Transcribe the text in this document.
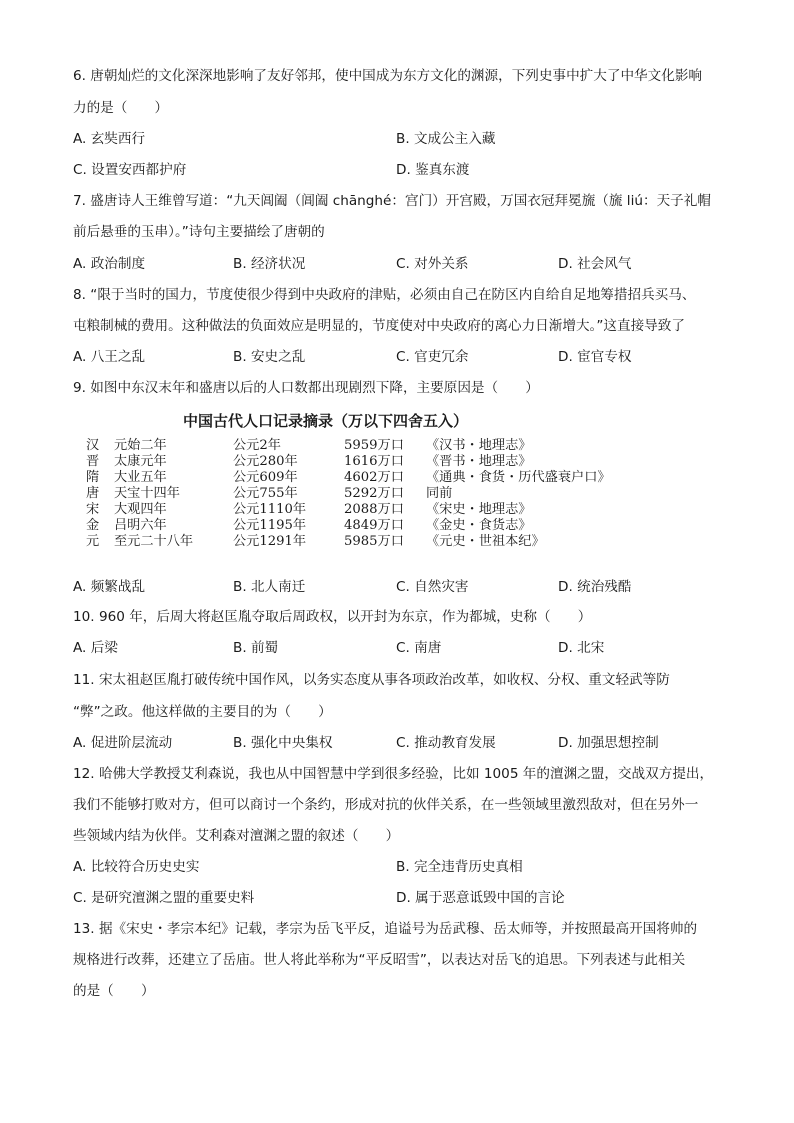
6. 唐朝灿烂的文化深深地影响了友好邻邦，使中国成为东方文化的渊源，下列史事中扩大了中华文化影响
力的是（　　）
A. 玄奘西行	B. 文成公主入藏
C. 设置安西都护府	D. 鉴真东渡
7. 盛唐诗人王维曾写道：“九天阊阖（阊阖 chānghé：宫门）开宫殿，万国衣冠拜冕旒（旒 liú：天子礼帽
前后悬垂的玉串）。”诗句主要描绘了唐朝的
A. 政治制度	B. 经济状况	C. 对外关系	D. 社会风气
8. “限于当时的国力，节度使很少得到中央政府的津贴，必须由自己在防区内自给自足地筹措招兵买马、
屯粮制械的费用。这种做法的负面效应是明显的，节度使对中央政府的离心力日渐增大。”这直接导致了
A. 八王之乱	B. 安史之乱	C. 官吏冗余	D. 宦官专权
9. 如图中东汉末年和盛唐以后的人口数都出现剧烈下降，主要原因是（　　）
中国古代人口记录摘录（万以下四舍五入）
汉 元始二年	公元2年	5959万口 《汉书・地理志》
晋 太康元年	公元280年	1616万口 《晋书・地理志》
隋 大业五年	公元609年	4602万口 《通典・食货・历代盛衰户口》
唐 天宝十四年	公元755年	5292万口 同前
宋 大观四年	公元1110年	2088万口 《宋史・地理志》
金 吕明六年	公元1195年	4849万口 《金史・食货志》
元 至元二十八年	公元1291年	5985万口 《元史・世祖本纪》
A. 频繁战乱	B. 北人南迁	C. 自然灾害	D. 统治残酷
10. 960 年，后周大将赵匡胤夺取后周政权，以开封为东京，作为都城，史称（　　）
A. 后梁	B. 前蜀	C. 南唐	D. 北宋
11. 宋太祖赵匡胤打破传统中国作风，以务实态度从事各项政治改革，如收权、分权、重文轻武等防
“弊”之政。他这样做的主要目的为（　　）
A. 促进阶层流动	B. 强化中央集权	C. 推动教育发展	D. 加强思想控制
12. 哈佛大学教授艾利森说，我也从中国智慧中学到很多经验，比如 1005 年的澶渊之盟，交战双方提出，
我们不能够打败对方，但可以商讨一个条约，形成对抗的伙伴关系，在一些领域里激烈敌对，但在另外一
些领域内结为伙伴。艾利森对澶渊之盟的叙述（　　）
A. 比较符合历史史实	B. 完全违背历史真相
C. 是研究澶渊之盟的重要史料	D. 属于恶意诋毁中国的言论
13. 据《宋史・孝宗本纪》记载，孝宗为岳飞平反，追谥号为岳武穆、岳太师等，并按照最高开国将帅的
规格进行改葬，还建立了岳庙。世人将此举称为“平反昭雪”，以表达对岳飞的追思。下列表述与此相关
的是（　　）
